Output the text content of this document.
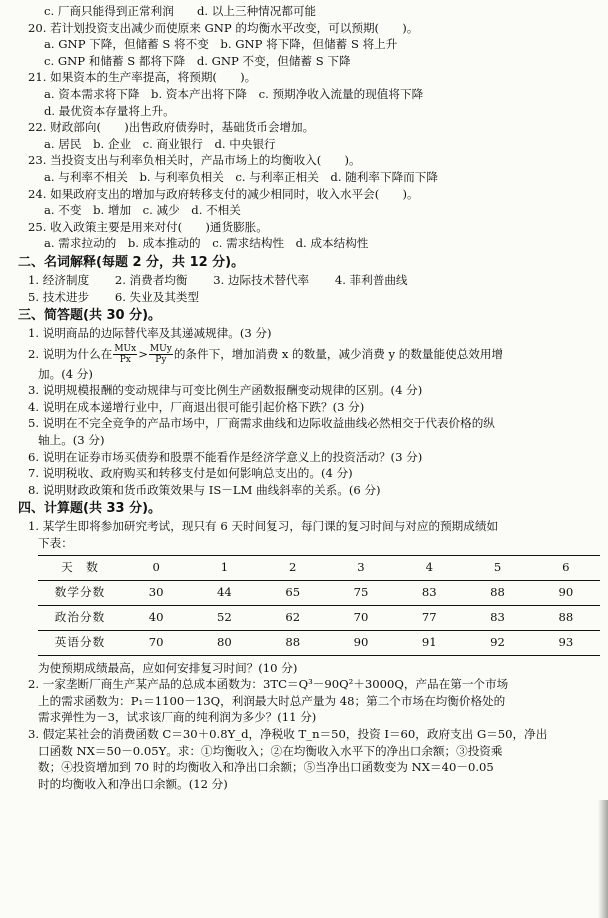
c. 厂商只能得到正常利润　　d. 以上三种情况都可能
20. 若计划投资支出减少而使原来 GNP 的均衡水平改变，可以预期(　　)。
a. GNP 下降，但储蓄 S 将不变　b. GNP 将下降，但储蓄 S 将上升
c. GNP 和储蓄 S 都将下降　d. GNP 不变，但储蓄 S 下降
21. 如果资本的生产率提高，将预期(　　)。
a. 资本需求将下降　b. 资本产出将下降　c. 预期净收入流量的现值将下降
d. 最优资本存量将上升。
22. 财政部向(　　)出售政府债券时，基础货币会增加。
a. 居民　b. 企业　c. 商业银行　d. 中央银行
23. 当投资支出与利率负相关时，产品市场上的均衡收入(　　)。
a. 与利率不相关　b. 与利率负相关　c. 与利率正相关　d. 随利率下降而下降
24. 如果政府支出的增加与政府转移支付的减少相同时，收入水平会(　　)。
a. 不变　b. 增加　c. 减少　d. 不相关
25. 收入政策主要是用来对付(　　)通货膨胀。
a. 需求拉动的　b. 成本推动的　c. 需求结构性　d. 成本结构性
二、名词解释(每题 2 分，共 12 分)。
1. 经济制度 2. 消费者均衡 3. 边际技术替代率 4. 菲利普曲线
5. 技术进步 6. 失业及其类型
三、简答题(共 30 分)。
1. 说明商品的边际替代率及其递减规律。(3 分)
2. 说明为什么在 $\frac{\text{MUx}}{Px} > \frac{\text{MUy}}{Py}$ 的条件下，增加消费 x 的数量，减少消费 y 的数量能使总效用增
加。(4 分)
3. 说明规模报酬的变动规律与可变比例生产函数报酬变动规律的区别。(4 分)
4. 说明在成本递增行业中，厂商退出很可能引起价格下跌？(3 分)
5. 说明在不完全竞争的产品市场中，厂商需求曲线和边际收益曲线必然相交于代表价格的纵
轴上。(3 分)
6. 说明在证券市场买债券和股票不能看作是经济学意义上的投资活动？(3 分)
7. 说明税收、政府购买和转移支付是如何影响总支出的。(4 分)
8. 说明财政政策和货币政策效果与 IS－LM 曲线斜率的关系。(6 分)
四、计算题(共 33 分)。
1. 某学生即将参加研究考试，现只有 6 天时间复习，每门课的复习时间与对应的预期成绩如
下表：
天　数	0	1	2	3	4	5	6
数学分数	30	44	65	75	83	88	90
政治分数	40	52	62	70	77	83	88
英语分数	70	80	88	90	91	92	93
为使预期成绩最高，应如何安排复习时间？(10 分)
2. 一家垄断厂商生产某产品的总成本函数为：3TC＝Q³－90Q²＋3000Q，产品在第一个市场
上的需求函数为：P₁＝1100－13Q，利润最大时总产量为 48；第二个市场在均衡价格处的
需求弹性为－3，试求该厂商的纯利润为多少？(11 分)
3. 假定某社会的消费函数 C＝30＋0.8Y_d，净税收 T_n＝50，投资 I＝60，政府支出 G＝50，净出
口函数 NX＝50－0.05Y。求：①均衡收入；②在均衡收入水平下的净出口余额；③投资乘
数；④投资增加到 70 时的均衡收入和净出口余额；⑤当净出口函数变为 NX＝40－0.05
时的均衡收入和净出口余额。(12 分)
